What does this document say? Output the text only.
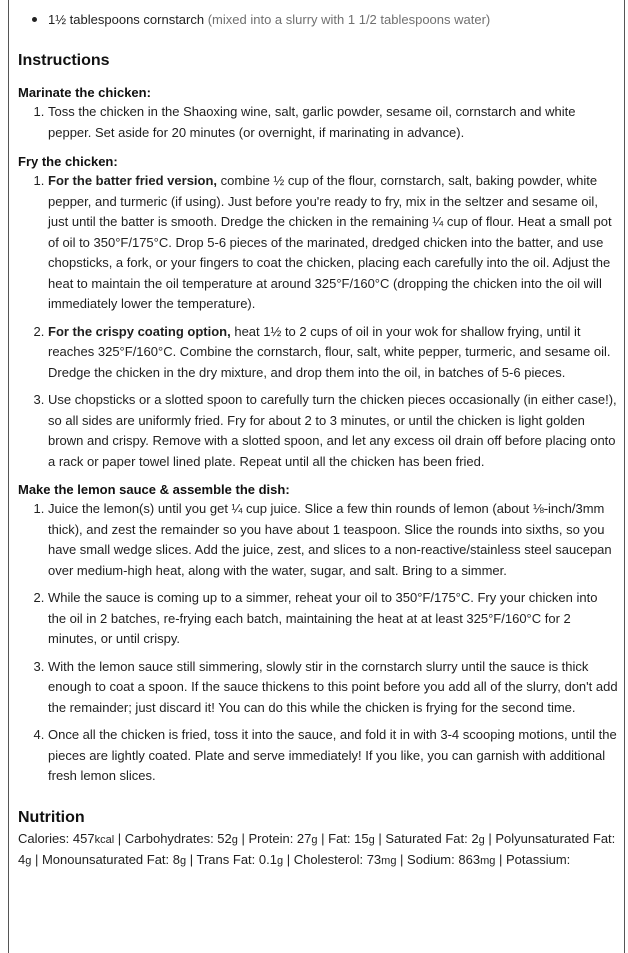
1½ tablespoons cornstarch (mixed into a slurry with 1 1/2 tablespoons water)
Instructions
Marinate the chicken:
1. Toss the chicken in the Shaoxing wine, salt, garlic powder, sesame oil, cornstarch and white pepper. Set aside for 20 minutes (or overnight, if marinating in advance).
Fry the chicken:
1. For the batter fried version, combine ½ cup of the flour, cornstarch, salt, baking powder, white pepper, and turmeric (if using). Just before you're ready to fry, mix in the seltzer and sesame oil, just until the batter is smooth. Dredge the chicken in the remaining ¼ cup of flour. Heat a small pot of oil to 350°F/175°C. Drop 5-6 pieces of the marinated, dredged chicken into the batter, and use chopsticks, a fork, or your fingers to coat the chicken, placing each carefully into the oil. Adjust the heat to maintain the oil temperature at around 325°F/160°C (dropping the chicken into the oil will immediately lower the temperature).
2. For the crispy coating option, heat 1½ to 2 cups of oil in your wok for shallow frying, until it reaches 325°F/160°C. Combine the cornstarch, flour, salt, white pepper, turmeric, and sesame oil. Dredge the chicken in the dry mixture, and drop them into the oil, in batches of 5-6 pieces.
3. Use chopsticks or a slotted spoon to carefully turn the chicken pieces occasionally (in either case!), so all sides are uniformly fried. Fry for about 2 to 3 minutes, or until the chicken is light golden brown and crispy. Remove with a slotted spoon, and let any excess oil drain off before placing onto a rack or paper towel lined plate. Repeat until all the chicken has been fried.
Make the lemon sauce & assemble the dish:
1. Juice the lemon(s) until you get ¼ cup juice. Slice a few thin rounds of lemon (about ⅛-inch/3mm thick), and zest the remainder so you have about 1 teaspoon. Slice the rounds into sixths, so you have small wedge slices. Add the juice, zest, and slices to a non-reactive/stainless steel saucepan over medium-high heat, along with the water, sugar, and salt. Bring to a simmer.
2. While the sauce is coming up to a simmer, reheat your oil to 350°F/175°C. Fry your chicken into the oil in 2 batches, re-frying each batch, maintaining the heat at at least 325°F/160°C for 2 minutes, or until crispy.
3. With the lemon sauce still simmering, slowly stir in the cornstarch slurry until the sauce is thick enough to coat a spoon. If the sauce thickens to this point before you add all of the slurry, don't add the remainder; just discard it! You can do this while the chicken is frying for the second time.
4. Once all the chicken is fried, toss it into the sauce, and fold it in with 3-4 scooping motions, until the pieces are lightly coated. Plate and serve immediately! If you like, you can garnish with additional fresh lemon slices.
Nutrition

Calories: 457kcal | Carbohydrates: 52g | Protein: 27g | Fat: 15g | Saturated Fat: 2g | Polyunsaturated Fat: 4g | Monounsaturated Fat: 8g | Trans Fat: 0.1g | Cholesterol: 73mg | Sodium: 863mg | Potassium:
